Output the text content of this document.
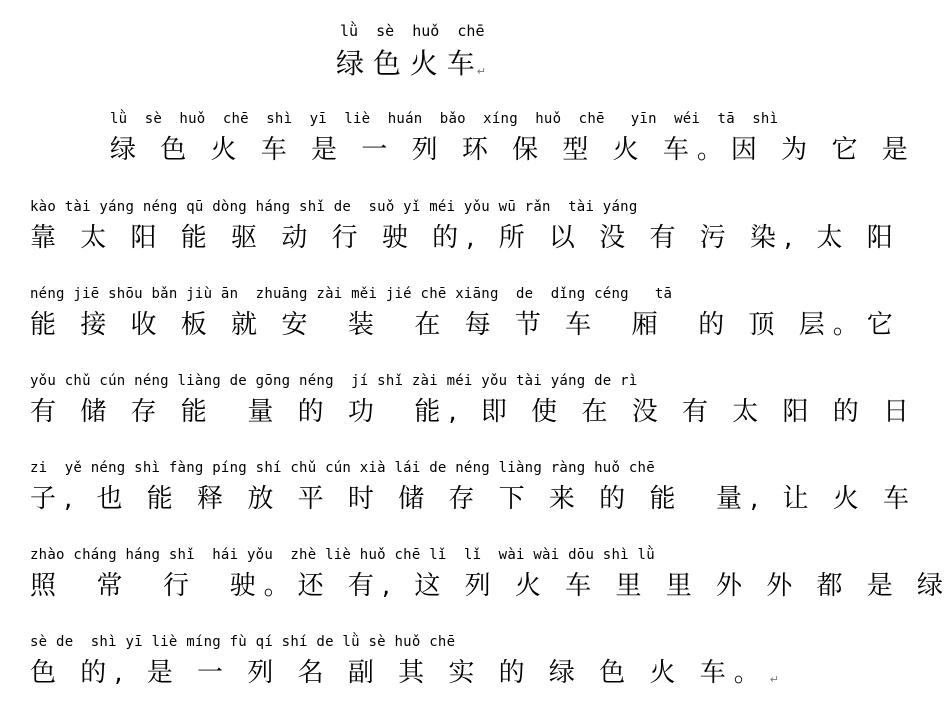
lǜ  sè  huǒ  chē
绿 色 火 车 ↵
lǜ  sè  huǒ  chē  shì  yī  liè  huán  bǎo  xíng  huǒ  chē   yīn  wéi  tā  shì
绿 色 火 车 是 一 列 环 保 型 火 车。因 为 它 是
kào tài yáng néng qū dòng háng shǐ de  suǒ yǐ méi yǒu wū rǎn  tài yáng
靠 太 阳 能 驱 动 行 驶 的, 所 以 没 有 污 染, 太 阳
néng jiē shōu bǎn jiù ān  zhuāng zài měi jié chē xiāng  de  dǐng céng   tā
能 接 收 板 就 安  装  在 每 节 车  厢  的 顶 层。它
yǒu chǔ cún néng liàng de gōng néng  jí shǐ zài méi yǒu tài yáng de rì
有 储 存 能  量 的 功  能, 即 使 在 没 有 太 阳 的 日
zi  yě néng shì fàng píng shí chǔ cún xià lái de néng liàng ràng huǒ chē
子, 也 能 释 放 平 时 储 存 下 来 的 能  量, 让 火 车
zhào cháng háng shǐ  hái yǒu  zhè liè huǒ chē lǐ  lǐ  wài wài dōu shì lǜ
照  常  行  驶。还 有, 这 列 火 车 里 里 外 外 都 是 绿
sè de  shì yī liè míng fù qí shí de lǜ sè huǒ chē
色 的, 是 一 列 名 副 其 实 的 绿 色 火 车。 ↵
